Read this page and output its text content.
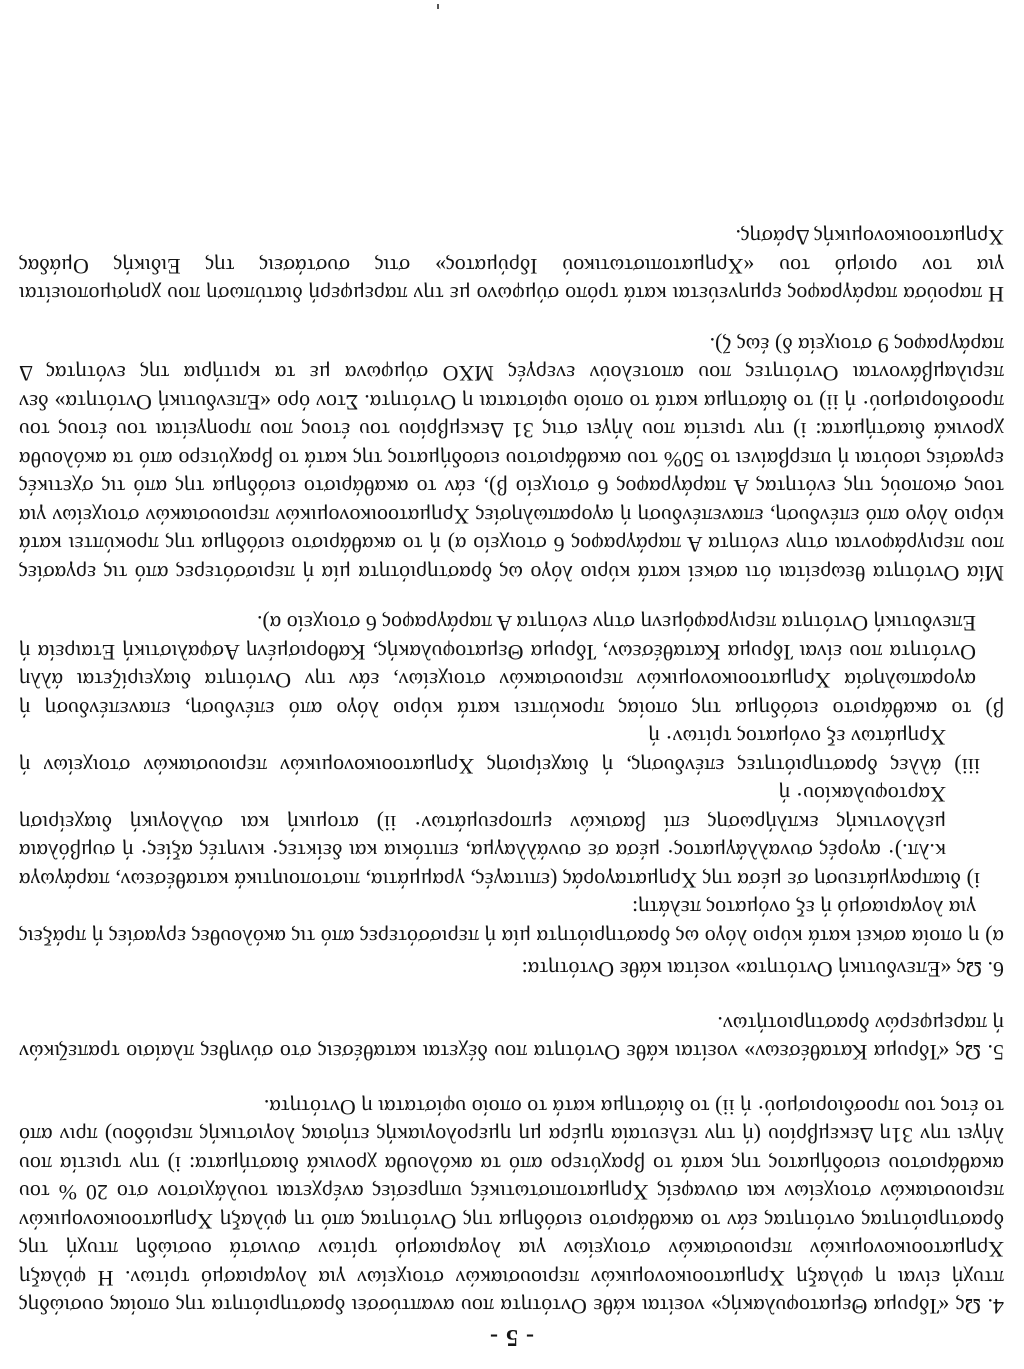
- 5 -

4. Ως «Ίδρυμα Θεματοφυλακής» νοείται κάθε Οντότητα που αναπτύσσει δραστηριότητα της οποίας ουσιώδης πτυχή είναι η φύλαξη Χρηματοοικονομικών περιουσιακών στοιχείων για λογαριασμό τρίτων. Η φύλαξη Χρηματοοικονομικών περιουσιακών στοιχείων για λογαριασμό τρίτων συνιστά ουσιώδη πτυχή της δραστηριότητας οντότητας εάν το ακαθάριστο εισόδημα της Οντότητας από τη φύλαξη Χρηματοοικονομικών περιουσιακών στοιχείων και συναφείς Χρηματοπιστωτικές υπηρεσίες ανέρχεται τουλάχιστον στο 20 % του ακαθάριστου εισοδήματος της κατά το βραχύτερο από τα ακόλουθα χρονικά διαστήματα: i) την τριετία που λήγει την 31η Δεκεμβρίου (ή την τελευταία ημέρα μη ημερολογιακής ετήσιας λογιστικής περιόδου) πριν από το έτος του προσδιορισμού· ή ii) το διάστημα κατά το οποίο υφίσταται η Οντότητα.

5. Ως «Ίδρυμα Καταθέσεων» νοείται κάθε Οντότητα που δέχεται καταθέσεις στο σύνηθες πλαίσιο τραπεζικών ή παρεμφερών δραστηριοτήτων.

6. Ως «Επενδυτική Οντότητα» νοείται κάθε Οντότητα:

α) η οποία ασκεί κατά κύριο λόγο ως δραστηριότητα μία ή περισσότερες από τις ακόλουθες εργασίες ή πράξεις για λογαριασμό ή εξ ονόματος πελάτη:

i) διαπραγμάτευση σε μέσα της Χρηματαγοράς (επιταγές, γραμμάτια, πιστοποιητικά καταθέσεων, παράγωγα κ.λπ.)· αγορές συναλλάγματος· μέσα σε συνάλλαγμα, επιτόκια και δείκτες· κινητές αξίες· ή συμβόλαια μελλοντικής εκπλήρωσης επί βασικών εμπορευμάτων· ii) ατομική και συλλογική διαχείριση Χαρτοφυλακίου· ή

iii) άλλες δραστηριότητες επένδυσης, ή διαχείρισης Χρηματοοικονομικών περιουσιακών στοιχείων ή Χρημάτων εξ ονόματος τρίτων· ή

β) το ακαθάριστο εισόδημα της οποίας προκύπτει κατά κύριο λόγο από επένδυση, επανεπένδυση ή αγοραπωλησία Χρηματοοικονομικών περιουσιακών στοιχείων, εάν την Οντότητα διαχειρίζεται άλλη Οντότητα που είναι Ίδρυμα Καταθέσεων, Ίδρυμα Θεματοφυλακής, Καθορισμένη Ασφαλιστική Εταιρεία ή Επενδυτική Οντότητα περιγραφόμενη στην ενότητα Α παράγραφος 6 στοιχείο α).

Μία Οντότητα θεωρείται ότι ασκεί κατά κύριο λόγο ως δραστηριότητα μία ή περισσότερες από τις εργασίες που περιγράφονται στην ενότητα Α παράγραφος 6 στοιχείο α) ή το ακαθάριστο εισόδημα της προκύπτει κατά κύριο λόγο από επένδυση, επανεπένδυση ή αγοραπωλησίες Χρηματοοικονομικών περιουσιακών στοιχείων για τους σκοπούς της ενότητας Α παράγραφος 6 στοιχείο β), εάν το ακαθάριστο εισόδημα της από τις σχετικές εργασίες ισούται ή υπερβαίνει το 50% του ακαθάριστου εισοδήματος της κατά το βραχύτερο από τα ακόλουθα χρονικά διαστήματα: i) την τριετία που λήγει στις 31 Δεκεμβρίου του έτους που προηγείται του έτους του προσδιορισμού· ή ii) το διάστημα κατά το οποίο υφίσταται η Οντότητα. Στον όρο «Επενδυτική Οντότητα» δεν περιλαμβάνονται Οντότητες που αποτελούν ενεργές ΜΧΟ σύμφωνα με τα κριτήρια της ενότητας Δ παράγραφος 9 στοιχεία δ) έως ζ).

Η παρούσα παράγραφος ερμηνεύεται κατά τρόπο σύμφωνο με την παρεμφερή διατύπωση που χρησιμοποιείται για τον ορισμό του «Χρηματοπιστωτικού Ιδρύματος» στις συστάσεις της Ειδικής Ομάδας Χρηματοοικονομικής Δράσης.
